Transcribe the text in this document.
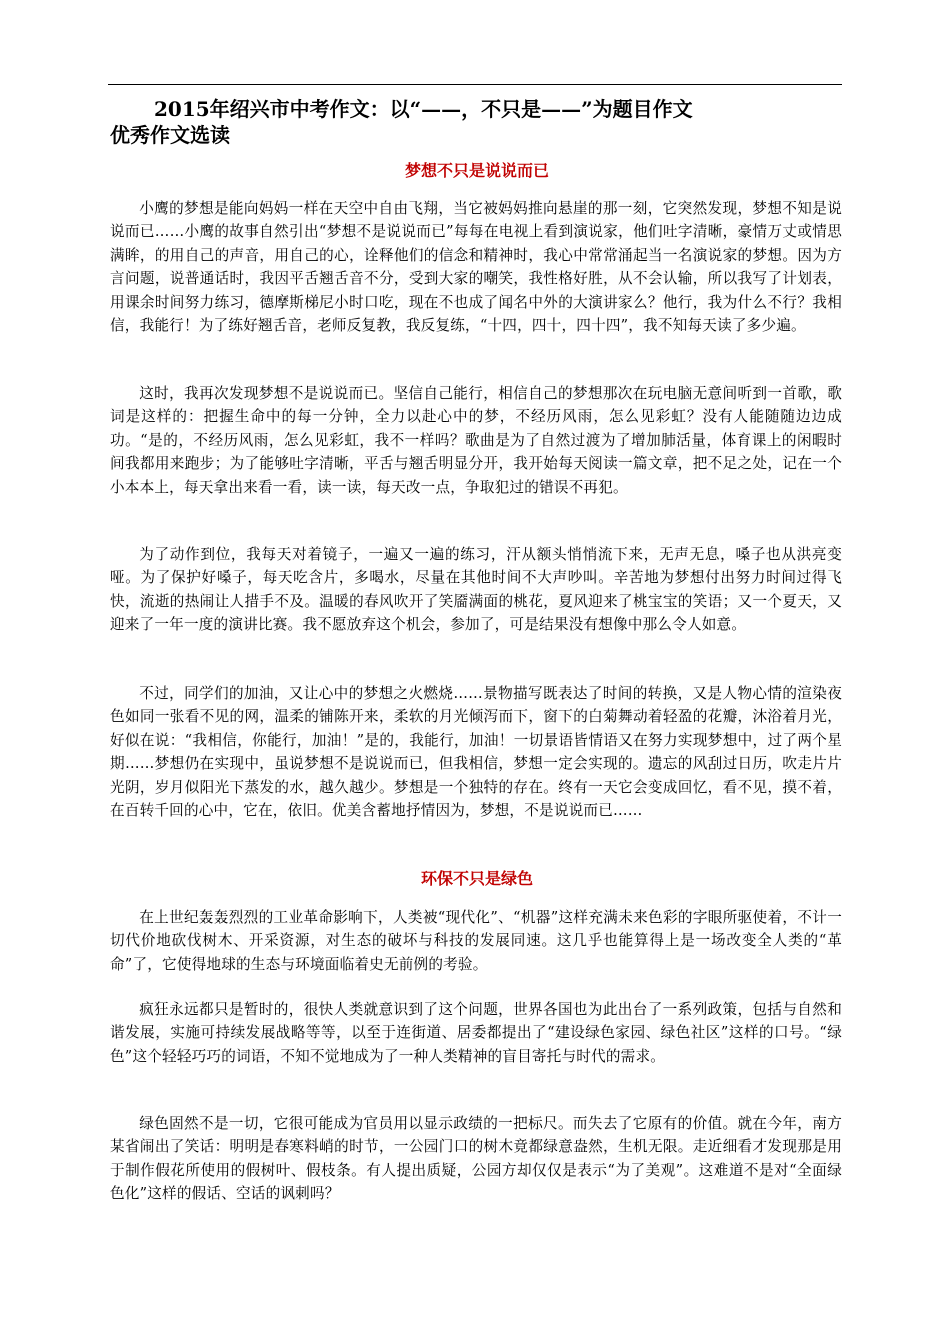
2015年绍兴市中考作文：以“——，不只是——”为题目作文
优秀作文选读
梦想不只是说说而已

小鹰的梦想是能向妈妈一样在天空中自由飞翔，当它被妈妈推向悬崖的那一刻，它突然发现，梦想不知是说说而已……小鹰的故事自然引出“梦想不是说说而已”每每在电视上看到演说家，他们吐字清晰，豪情万丈或情思满眸，的用自己的声音，用自己的心，诠释他们的信念和精神时，我心中常常涌起当一名演说家的梦想。因为方言问题，说普通话时，我因平舌翘舌音不分，受到大家的嘲笑，我性格好胜，从不会认输，所以我写了计划表，用课余时间努力练习，德摩斯梯尼小时口吃，现在不也成了闻名中外的大演讲家么？他行，我为什么不行？我相信，我能行！为了练好翘舌音，老师反复教，我反复练，“十四，四十，四十四”，我不知每天读了多少遍。

这时，我再次发现梦想不是说说而已。坚信自己能行，相信自己的梦想那次在玩电脑无意间听到一首歌，歌词是这样的：把握生命中的每一分钟，全力以赴心中的梦，不经历风雨，怎么见彩虹？没有人能随随边边成功。“是的，不经历风雨，怎么见彩虹，我不一样吗？歌曲是为了自然过渡为了增加肺活量，体育课上的闲暇时间我都用来跑步；为了能够吐字清晰，平舌与翘舌明显分开，我开始每天阅读一篇文章，把不足之处，记在一个小本本上，每天拿出来看一看，读一读，每天改一点，争取犯过的错误不再犯。

为了动作到位，我每天对着镜子，一遍又一遍的练习，汗从额头悄悄流下来，无声无息，嗓子也从洪亮变哑。为了保护好嗓子，每天吃含片，多喝水，尽量在其他时间不大声吵叫。辛苦地为梦想付出努力时间过得飞快，流逝的热闹让人措手不及。温暖的春风吹开了笑靥满面的桃花，夏风迎来了桃宝宝的笑语；又一个夏天，又迎来了一年一度的演讲比赛。我不愿放弃这个机会，参加了，可是结果没有想像中那么令人如意。

不过，同学们的加油，又让心中的梦想之火燃烧……景物描写既表达了时间的转换，又是人物心情的渲染夜色如同一张看不见的网，温柔的铺陈开来，柔软的月光倾泻而下，窗下的白菊舞动着轻盈的花瓣，沐浴着月光，好似在说：“我相信，你能行，加油！”是的，我能行，加油！一切景语皆情语又在努力实现梦想中，过了两个星期……梦想仍在实现中，虽说梦想不是说说而已，但我相信，梦想一定会实现的。遗忘的风刮过日历，吹走片片光阴，岁月似阳光下蒸发的水，越久越少。梦想是一个独特的存在。终有一天它会变成回忆，看不见，摸不着，在百转千回的心中，它在，依旧。优美含蓄地抒情因为，梦想，不是说说而已……

环保不只是绿色

在上世纪轰轰烈烈的工业革命影响下，人类被“现代化”、“机器”这样充满未来色彩的字眼所驱使着，不计一切代价地砍伐树木、开采资源，对生态的破坏与科技的发展同速。这几乎也能算得上是一场改变全人类的“革命”了，它使得地球的生态与环境面临着史无前例的考验。

疯狂永远都只是暂时的，很快人类就意识到了这个问题，世界各国也为此出台了一系列政策，包括与自然和谐发展，实施可持续发展战略等等，以至于连街道、居委都提出了“建设绿色家园、绿色社区”这样的口号。“绿色”这个轻轻巧巧的词语，不知不觉地成为了一种人类精神的盲目寄托与时代的需求。

绿色固然不是一切，它很可能成为官员用以显示政绩的一把标尺。而失去了它原有的价值。就在今年，南方某省闹出了笑话：明明是春寒料峭的时节，一公园门口的树木竟都绿意盎然，生机无限。走近细看才发现那是用于制作假花所使用的假树叶、假枝条。有人提出质疑，公园方却仅仅是表示“为了美观”。这难道不是对“全面绿色化”这样的假话、空话的讽刺吗？
